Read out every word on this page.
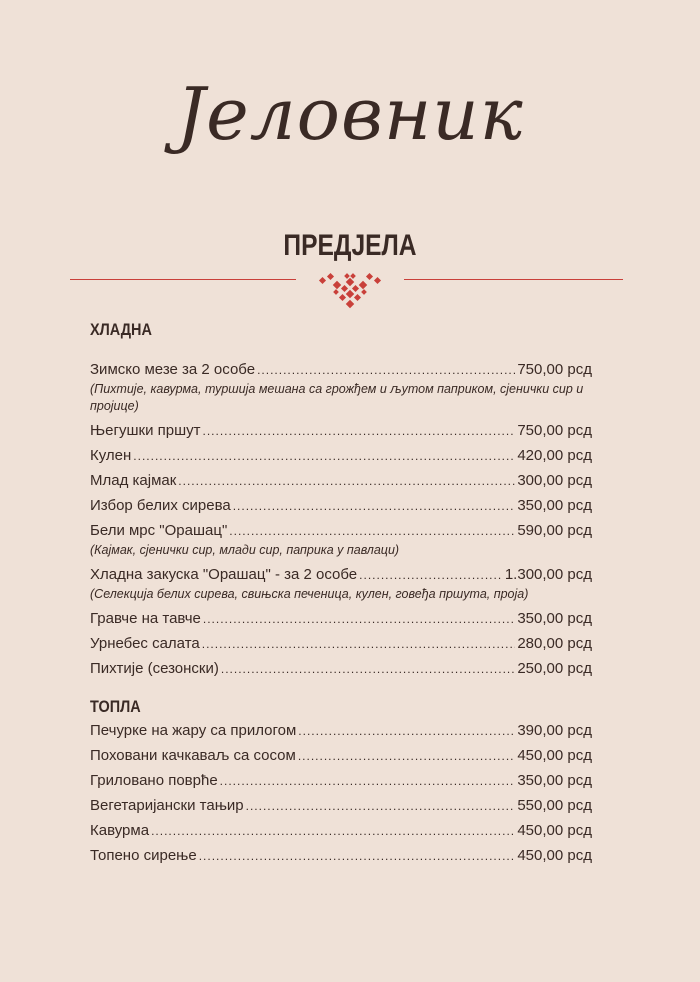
Јеловник
ПРЕДЈЕЛА
ХЛАДНА
Зимско мезе за 2 особе .....	750,00 рсд
(Пихтије, кавурма, туршија мешана са грожђем и љутом паприком, сјенички сир и пројице)
Његушки пршут .....	750,00 рсд
Кулен .....	420,00 рсд
Млад кајмак .....	300,00 рсд
Избор белих сирева .....	350,00 рсд
Бели мрс "Орашац" .....	590,00 рсд
(Кајмак, сјенички сир, млади сир, паприка у павлаци)
Хладна закуска "Орашац" - за 2 особе .....	1.300,00 рсд
(Селекција белих сирева, свињска печеница, кулен, говеђа пршута, проја)
Гравче на тавче .....	350,00 рсд
Урнебес салата .....	280,00 рсд
Пихтије (сезонски) .....	250,00 рсд
ТОПЛА
Печурке на жару са прилогом .....	390,00 рсд
Поховани качкаваљ са сосом .....	450,00 рсд
Гриловано поврће .....	350,00 рсд
Вегетаријански тањир .....	550,00 рсд
Кавурма .....	450,00 рсд
Топено сирење .....	450,00 рсд
